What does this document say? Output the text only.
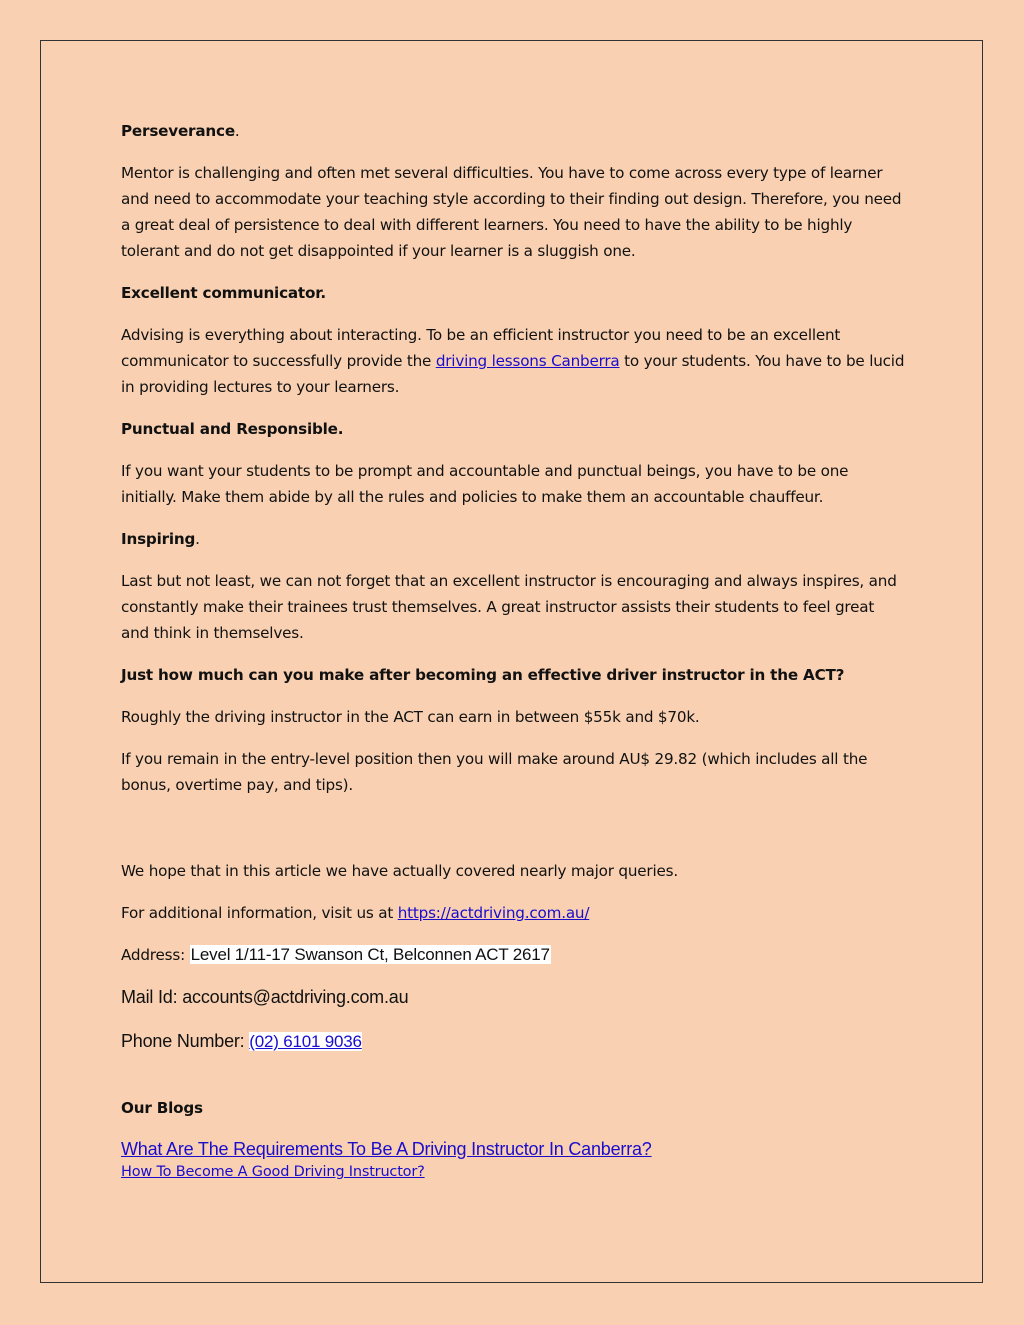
Perseverance.

Mentor is challenging and often met several difficulties. You have to come across every type of learner and need to accommodate your teaching style according to their finding out design. Therefore, you need a great deal of persistence to deal with different learners. You need to have the ability to be highly tolerant and do not get disappointed if your learner is a sluggish one.

Excellent communicator.

Advising is everything about interacting. To be an efficient instructor you need to be an excellent communicator to successfully provide the driving lessons Canberra to your students. You have to be lucid in providing lectures to your learners.

Punctual and Responsible.

If you want your students to be prompt and accountable and punctual beings, you have to be one initially. Make them abide by all the rules and policies to make them an accountable chauffeur.

Inspiring.

Last but not least, we can not forget that an excellent instructor is encouraging and always inspires, and constantly make their trainees trust themselves. A great instructor assists their students to feel great and think in themselves.

Just how much can you make after becoming an effective driver instructor in the ACT?

Roughly the driving instructor in the ACT can earn in between $55k and $70k.

If you remain in the entry-level position then you will make around AU$ 29.82 (which includes all the bonus, overtime pay, and tips).

We hope that in this article we have actually covered nearly major queries.

For additional information, visit us at https://actdriving.com.au/

Address: Level 1/11-17 Swanson Ct, Belconnen ACT 2617

Mail Id: accounts@actdriving.com.au

Phone Number: (02) 6101 9036

Our Blogs

What Are The Requirements To Be A Driving Instructor In Canberra?
How To Become A Good Driving Instructor?
